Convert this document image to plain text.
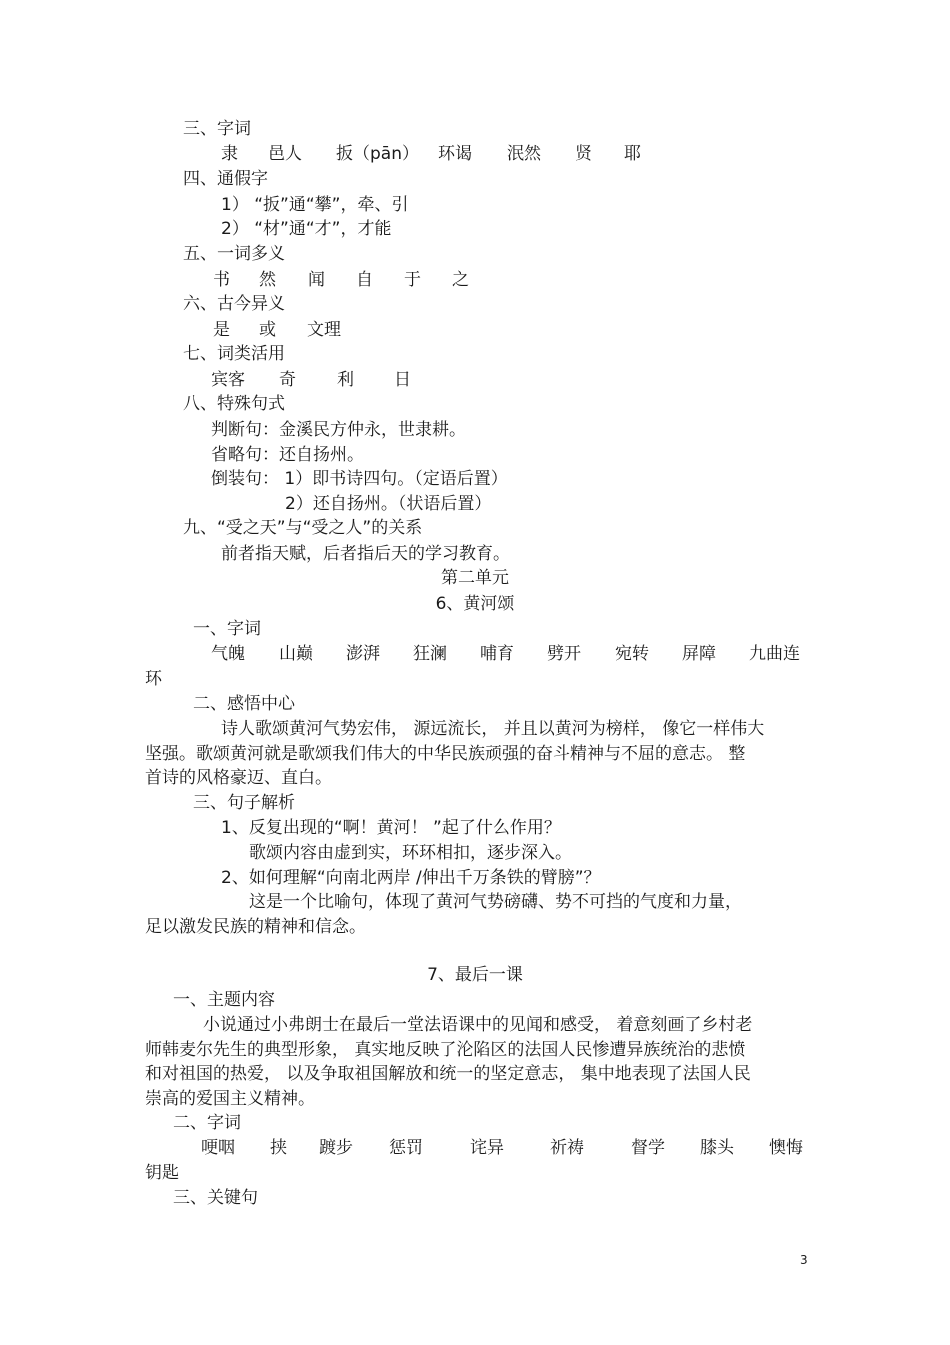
三、字词
隶 邑人 扳（pān） 环谒 泯然 贤 耶
四、通假字
1） “扳”通“攀”，牵、引
2） “材”通“才”，才能
五、一词多义
书 然 闻 自 于 之
六、古今异义
是 或 文理
七、词类活用
宾客 奇 利 日
八、特殊句式
判断句：金溪民方仲永，世隶耕。
省略句：还自扬州。
倒装句： 1）即书诗四句。（定语后置）
2）还自扬州。（状语后置）
九、“受之天”与“受之人”的关系
前者指天赋，后者指后天的学习教育。
第二单元
6、黄河颂
一、字词
气魄 山巅 澎湃 狂澜 哺育 劈开 宛转 屏障 九曲连
环
二、感悟中心
诗人歌颂黄河气势宏伟， 源远流长， 并且以黄河为榜样， 像它一样伟大
坚强。歌颂黄河就是歌颂我们伟大的中华民族顽强的奋斗精神与不屈的意志。 整
首诗的风格豪迈、直白。
三、句子解析
1、反复出现的“啊！黄河！ ”起了什么作用？
歌颂内容由虚到实，环环相扣，逐步深入。
2、如何理解“向南北两岸 /伸出千万条铁的臂膀”？
这是一个比喻句，体现了黄河气势磅礴、势不可挡的气度和力量，
足以激发民族的精神和信念。
7、最后一课
一、主题内容
小说通过小弗朗士在最后一堂法语课中的见闻和感受， 着意刻画了乡村老
师韩麦尔先生的典型形象， 真实地反映了沦陷区的法国人民惨遭异族统治的悲愤
和对祖国的热爱， 以及争取祖国解放和统一的坚定意志， 集中地表现了法国人民
崇高的爱国主义精神。
二、字词
哽咽 挟 踱步 惩罚	诧异	祈祷	督学 膝头 懊悔
钥匙
三、关键句
3
